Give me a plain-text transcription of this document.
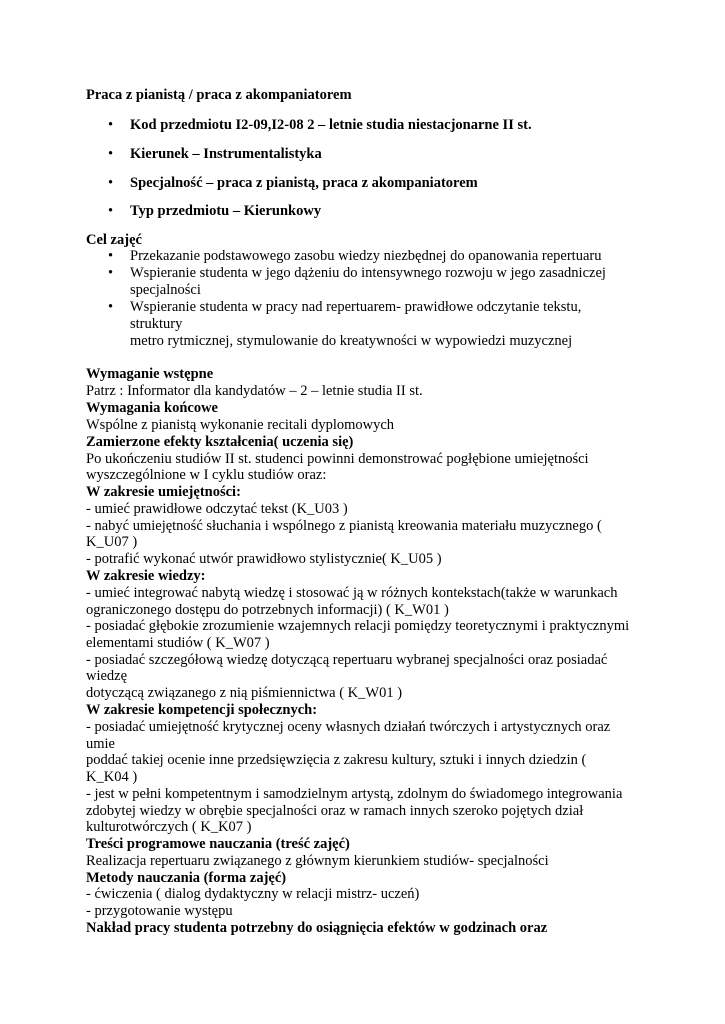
Praca z pianistą / praca z akompaniatorem
• Kod przedmiotu I2-09,I2-08 2 – letnie studia niestacjonarne II st.
• Kierunek – Instrumentalistyka
• Specjalność – praca z pianistą, praca z akompaniatorem
• Typ przedmiotu – Kierunkowy
Cel zajęć
• Przekazanie podstawowego zasobu wiedzy niezbędnej do opanowania repertuaru
• Wspieranie studenta w jego dążeniu do intensywnego rozwoju w jego zasadniczej
specjalności
• Wspieranie studenta w pracy nad repertuarem- prawidłowe odczytanie tekstu,
struktury
metro rytmicznej, stymulowanie do kreatywności w wypowiedzi muzycznej
Wymaganie wstępne
Patrz : Informator dla kandydatów – 2 – letnie studia II st.
Wymagania końcowe
Wspólne z pianistą wykonanie recitali dyplomowych
Zamierzone efekty kształcenia( uczenia się)
Po ukończeniu studiów II st. studenci powinni demonstrować pogłębione umiejętności
wyszczególnione w I cyklu studiów oraz:
W zakresie umiejętności:
- umieć prawidłowe odczytać tekst (K_U03 )
- nabyć umiejętność słuchania i wspólnego z pianistą kreowania materiału muzycznego (
K_U07 )
- potrafić wykonać utwór prawidłowo stylistycznie( K_U05 )
W zakresie wiedzy:
- umieć integrować nabytą wiedzę i stosować ją w różnych kontekstach(także w warunkach
ograniczonego dostępu do potrzebnych informacji) ( K_W01 )
- posiadać głębokie zrozumienie wzajemnych relacji pomiędzy teoretycznymi i praktycznymi
elementami studiów ( K_W07 )
- posiadać szczegółową wiedzę dotyczącą repertuaru wybranej specjalności oraz posiadać
wiedzę
dotyczącą związanego z nią piśmiennictwa ( K_W01 )
W zakresie kompetencji społecznych:
- posiadać umiejętność krytycznej oceny własnych działań twórczych i artystycznych oraz
umie
poddać takiej ocenie inne przedsięwzięcia z zakresu kultury, sztuki i innych dziedzin (
K_K04 )
- jest w pełni kompetentnym i samodzielnym artystą, zdolnym do świadomego integrowania
zdobytej wiedzy w obrębie specjalności oraz w ramach innych szeroko pojętych dział
kulturotwórczych ( K_K07 )
Treści programowe nauczania (treść zajęć)
Realizacja repertuaru związanego z głównym kierunkiem studiów- specjalności
Metody nauczania (forma zajęć)
- ćwiczenia ( dialog dydaktyczny w relacji mistrz- uczeń)
- przygotowanie występu
Nakład pracy studenta potrzebny do osiągnięcia efektów w godzinach oraz
